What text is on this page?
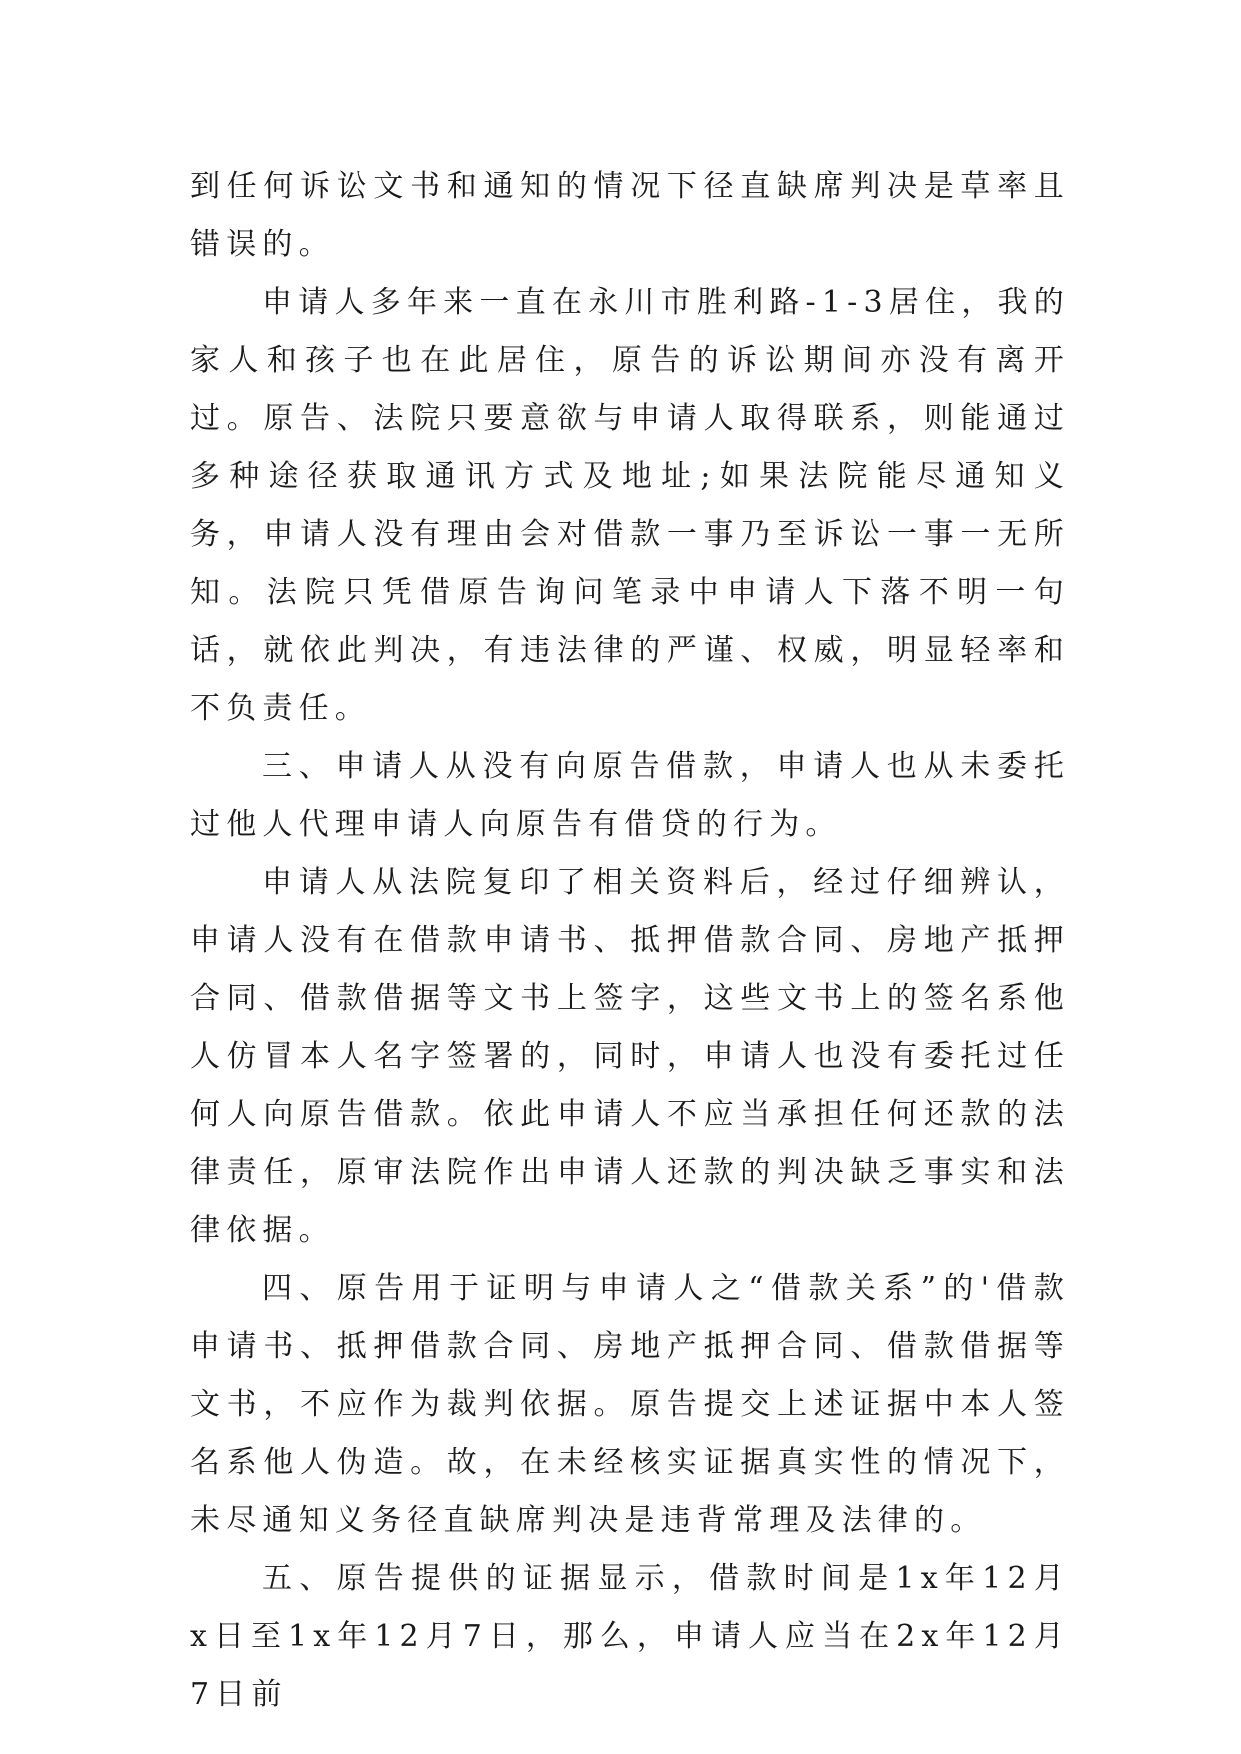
到任何诉讼文书和通知的情况下径直缺席判决是草率且错误的。

申请人多年来一直在永川市胜利路-1-3居住，我的家人和孩子也在此居住，原告的诉讼期间亦没有离开过。原告、法院只要意欲与申请人取得联系，则能通过多种途径获取通讯方式及地址;如果法院能尽通知义务，申请人没有理由会对借款一事乃至诉讼一事一无所知。法院只凭借原告询问笔录中申请人下落不明一句话，就依此判决，有违法律的严谨、权威，明显轻率和不负责任。

三、申请人从没有向原告借款，申请人也从未委托过他人代理申请人向原告有借贷的行为。

申请人从法院复印了相关资料后，经过仔细辨认，申请人没有在借款申请书、抵押借款合同、房地产抵押合同、借款借据等文书上签字，这些文书上的签名系他人仿冒本人名字签署的，同时，申请人也没有委托过任何人向原告借款。依此申请人不应当承担任何还款的法律责任，原审法院作出申请人还款的判决缺乏事实和法律依据。

四、原告用于证明与申请人之“借款关系”的'借款申请书、抵押借款合同、房地产抵押合同、借款借据等文书，不应作为裁判依据。原告提交上述证据中本人签名系他人伪造。故，在未经核实证据真实性的情况下，未尽通知义务径直缺席判决是违背常理及法律的。

五、原告提供的证据显示，借款时间是1x年12月x日至1x年12月7日，那么，申请人应当在2x年12月7日前
